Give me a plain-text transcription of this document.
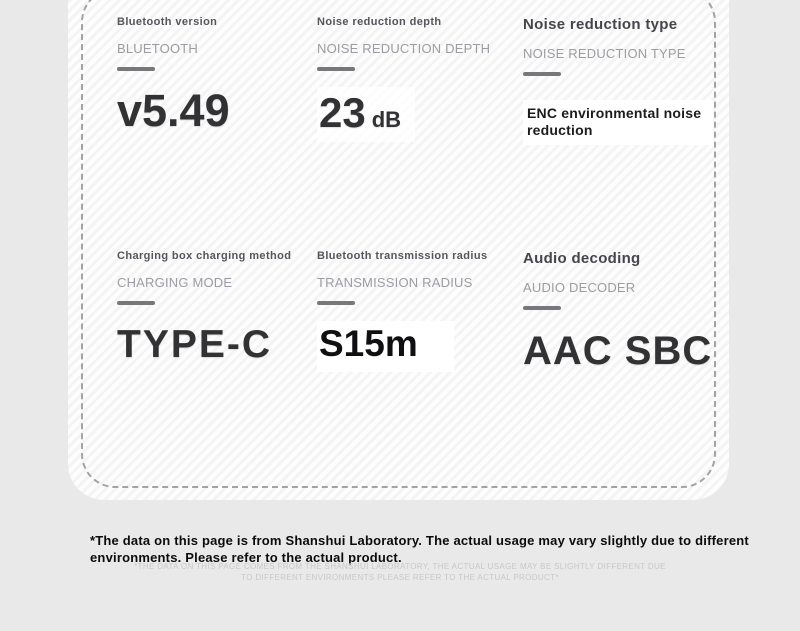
Bluetooth version
BLUETOOTH
v5.49
Noise reduction depth
NOISE REDUCTION DEPTH
23 dB
Noise reduction type
NOISE REDUCTION TYPE
ENC environmental noise reduction
Charging box charging method
CHARGING MODE
TYPE-C
Bluetooth transmission radius
TRANSMISSION RADIUS
S15m
Audio decoding
AUDIO DECODER
AAC SBC
*The data on this page is from Shanshui Laboratory. The actual usage may vary slightly due to different environments. Please refer to the actual product.
*THE DATA ON THIS PAGE COMES FROM THE SHANSHUI LABORATORY, THE ACTUAL USAGE MAY BE SLIGHTLY DIFFERENT DUE
TO DIFFERENT ENVIRONMENTS PLEASE REFER TO THE ACTUAL PRODUCT*
